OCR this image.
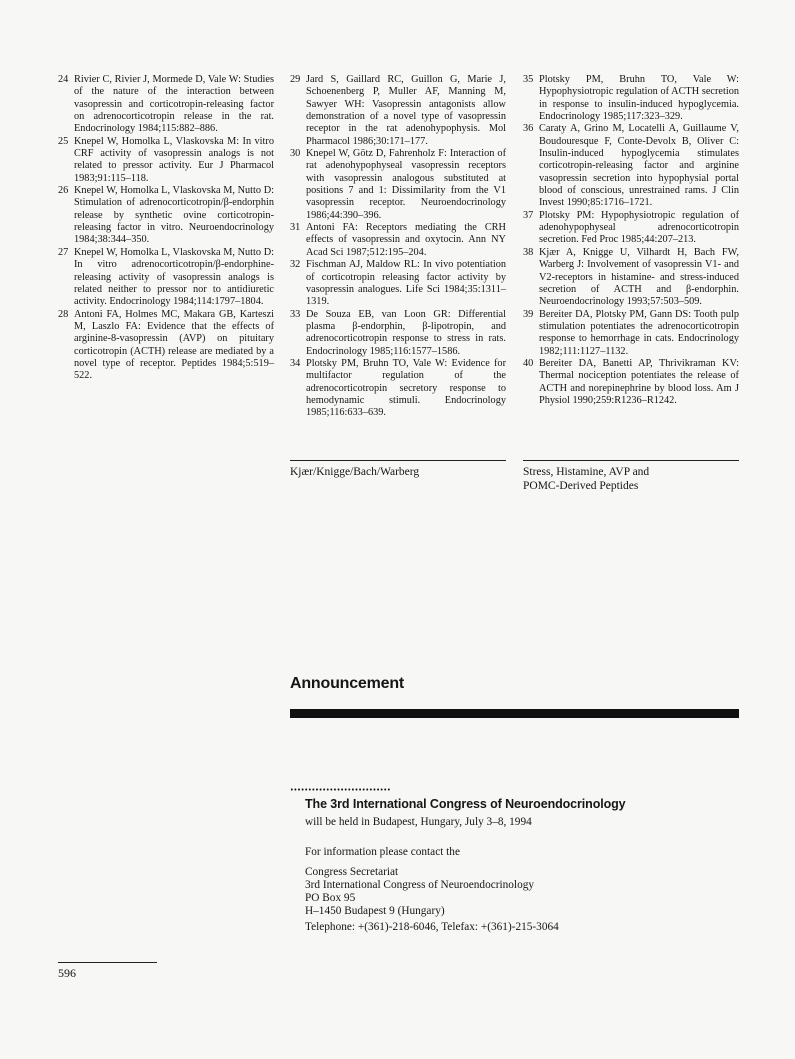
24 Rivier C, Rivier J, Mormede D, Vale W: Studies of the nature of the interaction between vasopressin and corticotropin-releasing factor on adrenocorticotropin release in the rat. Endocrinology 1984;115:882–886.

25 Knepel W, Homolka L, Vlaskovska M: In vitro CRF activity of vasopressin analogs is not related to pressor activity. Eur J Pharmacol 1983;91:115–118.

26 Knepel W, Homolka L, Vlaskovska M, Nutto D: Stimulation of adrenocorticotropin/β-endorphin release by synthetic ovine corticotropin-releasing factor in vitro. Neuroendocrinology 1984;38:344–350.

27 Knepel W, Homolka L, Vlaskovska M, Nutto D: In vitro adrenocorticotropin/β-endorphine-releasing activity of vasopressin analogs is related neither to pressor nor to antidiuretic activity. Endocrinology 1984;114:1797–1804.

28 Antoni FA, Holmes MC, Makara GB, Karteszi M, Laszlo FA: Evidence that the effects of arginine-8-vasopressin (AVP) on pituitary corticotropin (ACTH) release are mediated by a novel type of receptor. Peptides 1984;5:519–522.

29 Jard S, Gaillard RC, Guillon G, Marie J, Schoenenberg P, Muller AF, Manning M, Sawyer WH: Vasopressin antagonists allow demonstration of a novel type of vasopressin receptor in the rat adenohypophysis. Mol Pharmacol 1986;30:171–177.

30 Knepel W, Götz D, Fahrenholz F: Interaction of rat adenohypophyseal vasopressin receptors with vasopressin analogous substituted at positions 7 and 1: Dissimilarity from the V1 vasopressin receptor. Neuroendocrinology 1986;44:390–396.

31 Antoni FA: Receptors mediating the CRH effects of vasopressin and oxytocin. Ann NY Acad Sci 1987;512:195–204.

32 Fischman AJ, Maldow RL: In vivo potentiation of corticotropin releasing factor activity by vasopressin analogues. Life Sci 1984;35:1311–1319.

33 De Souza EB, van Loon GR: Differential plasma β-endorphin, β-lipotropin, and adrenocorticotropin response to stress in rats. Endocrinology 1985;116:1577–1586.

34 Plotsky PM, Bruhn TO, Vale W: Evidence for multifactor regulation of the adrenocorticotropin secretory response to hemodynamic stimuli. Endocrinology 1985;116:633–639.

35 Plotsky PM, Bruhn TO, Vale W: Hypophysiotropic regulation of ACTH secretion in response to insulin-induced hypoglycemia. Endocrinology 1985;117:323–329.

36 Caraty A, Grino M, Locatelli A, Guillaume V, Boudouresque F, Conte-Devolx B, Oliver C: Insulin-induced hypoglycemia stimulates corticotropin-releasing factor and arginine vasopressin secretion into hypophysial portal blood of conscious, unrestrained rams. J Clin Invest 1990;85:1716–1721.

37 Plotsky PM: Hypophysiotropic regulation of adenohypophyseal adrenocorticotropin secretion. Fed Proc 1985;44:207–213.

38 Kjær A, Knigge U, Vilhardt H, Bach FW, Warberg J: Involvement of vasopressin V1- and V2-receptors in histamine- and stress-induced secretion of ACTH and β-endorphin. Neuroendocrinology 1993;57:503–509.

39 Bereiter DA, Plotsky PM, Gann DS: Tooth pulp stimulation potentiates the adrenocorticotropin response to hemorrhage in cats. Endocrinology 1982;111:1127–1132.

40 Bereiter DA, Banetti AP, Thrivikraman KV: Thermal nociception potentiates the release of ACTH and norepinephrine by blood loss. Am J Physiol 1990;259:R1236–R1242.

Kjær/Knigge/Bach/Warberg	Stress, Histamine, AVP and
POMC-Derived Peptides
Announcement
The 3rd International Congress of Neuroendocrinology
will be held in Budapest, Hungary, July 3–8, 1994
For information please contact the
Congress Secretariat
3rd International Congress of Neuroendocrinology
PO Box 95
H–1450 Budapest 9 (Hungary)
Telephone: +(361)-218-6046, Telefax: +(361)-215-3064
596
